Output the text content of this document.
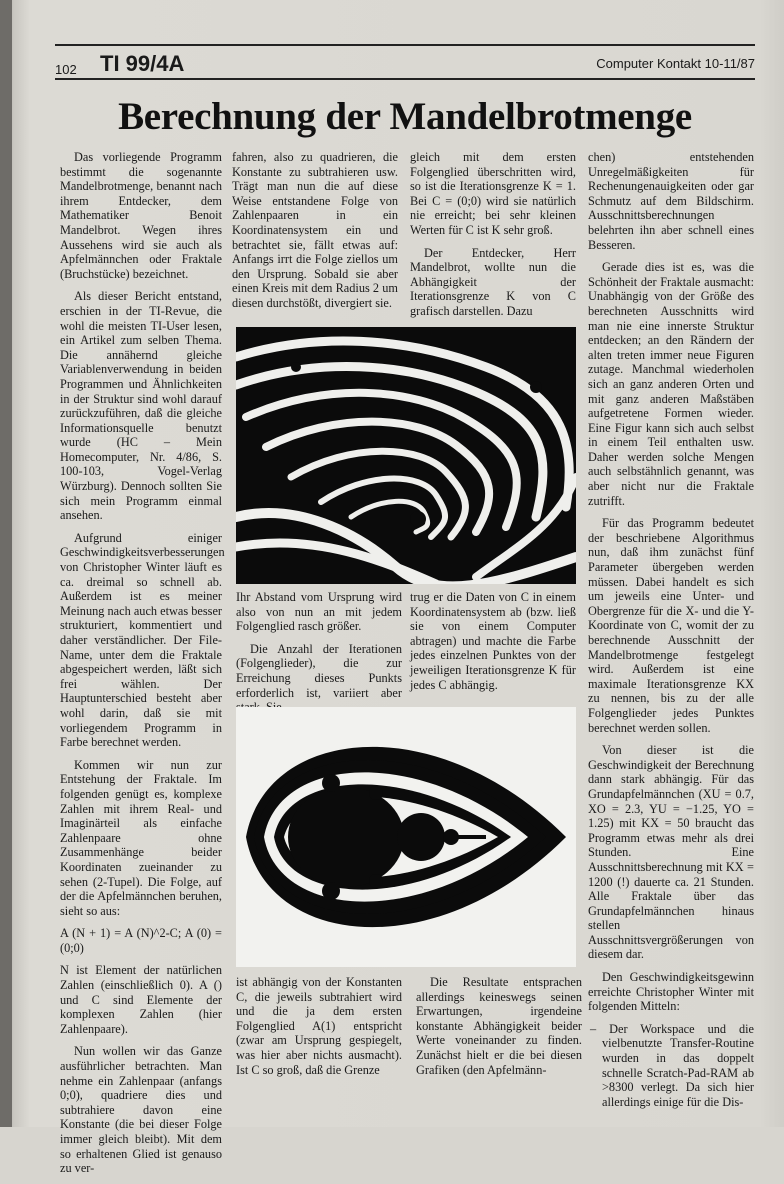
102 TI 99/4A	Computer Kontakt 10-11/87
Berechnung der Mandelbrotmenge

Das vorliegende Programm bestimmt die sogenannte Mandelbrotmenge, benannt nach ihrem Entdecker, dem Mathematiker Benoit Mandelbrot. Wegen ihres Aussehens wird sie auch als Apfelmännchen oder Fraktale (Bruchstücke) bezeichnet.

Als dieser Bericht entstand, erschien in der TI-Revue, die wohl die meisten TI-User lesen, ein Artikel zum selben Thema. Die annähernd gleiche Variablenverwendung in beiden Programmen und Ähnlichkeiten in der Struktur sind wohl darauf zurückzuführen, daß die gleiche Informationsquelle benutzt wurde (HC – Mein Homecomputer, Nr. 4/86, S. 100-103, Vogel-Verlag Würzburg). Dennoch sollten Sie sich mein Programm einmal ansehen.

Aufgrund einiger Geschwindigkeitsverbesserungen von Christopher Winter läuft es ca. dreimal so schnell ab. Außerdem ist es meiner Meinung nach auch etwas besser strukturiert, kommentiert und daher verständlicher. Der File-Name, unter dem die Fraktale abgespeichert werden, läßt sich frei wählen. Der Hauptunterschied besteht aber wohl darin, daß sie mit vorliegendem Programm in Farbe berechnet werden.

Kommen wir nun zur Entstehung der Fraktale. Im folgenden genügt es, komplexe Zahlen mit ihrem Real- und Imaginärteil als einfache Zahlenpaare ohne Zusammenhänge beider Koordinaten zueinander zu sehen (2-Tupel). Die Folge, auf der die Apfelmännchen beruhen, sieht so aus:

A (N + 1) = A (N)^2-C; A (0) = (0;0)

N ist Element der natürlichen Zahlen (einschließlich 0). A () und C sind Elemente der komplexen Zahlen (hier Zahlenpaare).

Nun wollen wir das Ganze ausführlicher betrachten. Man nehme ein Zahlenpaar (anfangs 0;0), quadriere dies und subtrahiere davon eine Konstante (die bei dieser Folge immer gleich bleibt). Mit dem so erhaltenen Glied ist genauso zu ver-

fahren, also zu quadrieren, die Konstante zu subtrahieren usw. Trägt man nun die auf diese Weise entstandene Folge von Zahlenpaaren in ein Koordinatensystem ein und betrachtet sie, fällt etwas auf: Anfangs irrt die Folge ziellos um den Ursprung. Sobald sie aber einen Kreis mit dem Radius 2 um diesen durchstößt, divergiert sie.

gleich mit dem ersten Folgenglied überschritten wird, so ist die Iterationsgrenze K = 1. Bei C = (0;0) wird sie natürlich nie erreicht; bei sehr kleinen Werten für C ist K sehr groß.

Der Entdecker, Herr Mandelbrot, wollte nun die Abhängigkeit der Iterationsgrenze K von C grafisch darstellen. Dazu

Ihr Abstand vom Ursprung wird also von nun an mit jedem Folgenglied rasch größer.

Die Anzahl der Iterationen (Folgenglieder), die zur Erreichung dieses Punkts erforderlich ist, variiert aber

trug er die Daten von C in einem Koordinatensystem ab (bzw. ließ sie von einem Computer abtragen) und machte die Farbe jedes einzelnen Punktes von der jeweiligen Iterationsgrenze K für jedes C abhängig.

ist abhängig von der Konstanten C, die jeweils subtrahiert wird und die ja dem ersten Folgenglied A(1) entspricht (zwar am Ursprung gespiegelt, was hier aber nichts ausmacht). Ist C so groß, daß die Grenze

Die Resultate entsprachen allerdings keineswegs seinen Erwartungen, irgendeine konstante Abhängigkeit beider Werte voneinander zu finden. Zunächst hielt er die bei diesen Grafiken (den Apfelmänn-

chen) entstehenden Unregelmäßigkeiten für Rechenungenauigkeiten oder gar Schmutz auf dem Bildschirm. Ausschnittsberechnungen belehrten ihn aber schnell eines Besseren.

Gerade dies ist es, was die Schönheit der Fraktale ausmacht: Unabhängig von der Größe des berechneten Ausschnitts wird man nie eine innerste Struktur entdecken; an den Rändern der alten treten immer neue Figuren zutage. Manchmal wiederholen sich an ganz anderen Orten und mit ganz anderen Maßstäben aufgetretene Formen wieder. Eine Figur kann sich auch selbst in einem Teil enthalten usw. Daher werden solche Mengen auch selbstähnlich genannt, was aber nicht nur die Fraktale zutrifft.

Für das Programm bedeutet der beschriebene Algorithmus nun, daß ihm zunächst fünf Parameter übergeben werden müssen. Dabei handelt es sich um jeweils eine Unter- und Obergrenze für die X- und die Y-Koordinate von C, womit der zu berechnende Ausschnitt der Mandelbrotmenge festgelegt wird. Außerdem ist eine maximale Iterationsgrenze KX zu nennen, bis zu der alle Folgenglieder jedes Punktes berechnet werden sollen.

Von dieser ist die Geschwindigkeit der Berechnung dann stark abhängig. Für das Grundapfelmännchen (XU = 0.7, XO = 2.3, YU = −1.25, YO = 1.25) mit KX = 50 braucht das Programm etwas mehr als drei Stunden. Eine Ausschnittsberechnung mit KX = 1200 (!) dauerte ca. 21 Stunden. Alle Fraktale über das Grundapfelmännchen hinaus stellen Ausschnittsvergrößerungen von diesem dar.

Den Geschwindigkeitsgewinn erreichte Christopher Winter mit folgenden Mitteln:

– Der Workspace und die vielbenutzte Transfer-Routine wurden in das doppelt schnelle Scratch-Pad-RAM ab >8300 verlegt. Da sich hier allerdings einige für die Dis-
